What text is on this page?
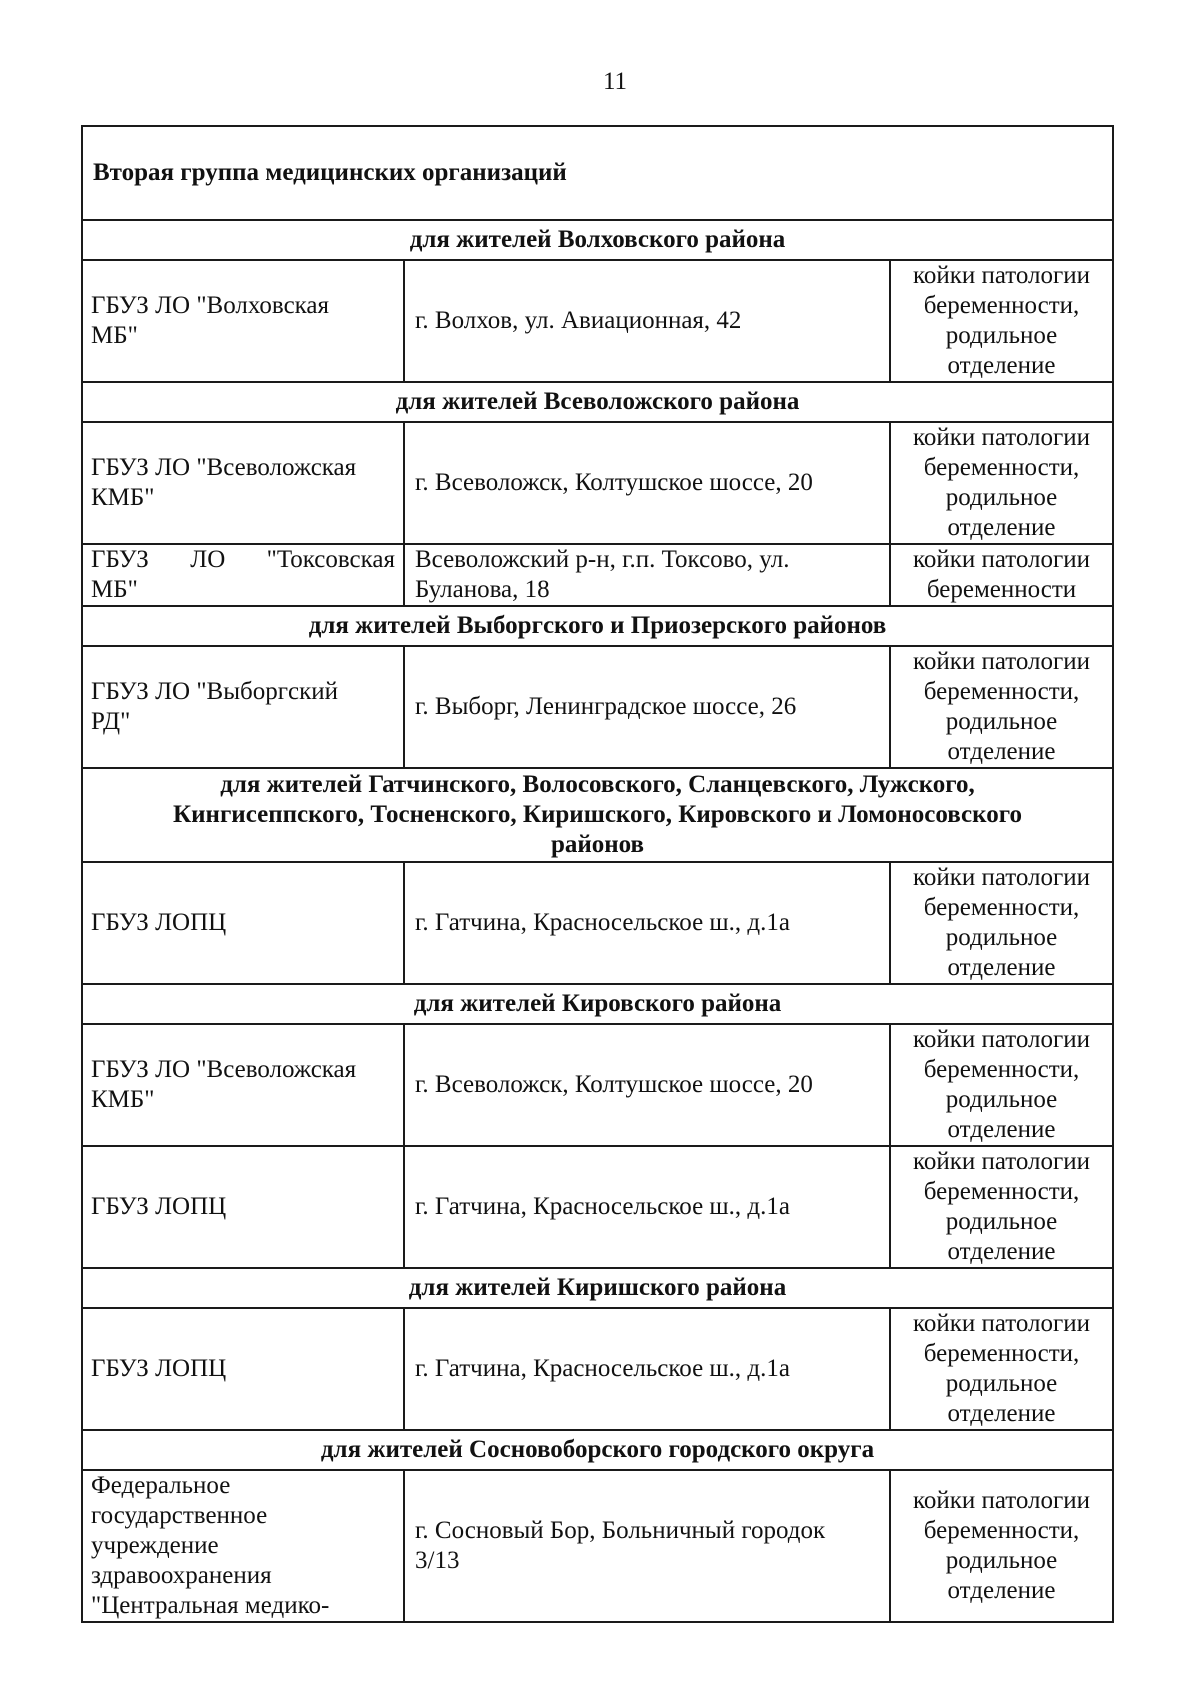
11
Вторая группа медицинских организаций		
для жителей Волховского района		

ГБУЗ ЛО "Волховская
МБ"	г. Волхов, ул. Авиационная, 42	койки патологии
беременности,
родильное
отделение

для жителей Всеволожского района		

ГБУЗ ЛО "Всеволожская
КМБ"	г. Всеволожск, Колтушское шоссе, 20	койки патологии
беременности,
родильное
отделение

ГБУЗ ЛО "Токсовская
МБ"	Всеволожский р-н, г.п. Токсово, ул.
Буланова, 18	койки патологии
беременности

для жителей Выборгского и Приозерского районов		

ГБУЗ ЛО "Выборгский
РД"	г. Выборг, Ленинградское шоссе, 26	койки патологии
беременности,
родильное
отделение

для жителей Гатчинского, Волосовского, Сланцевского, Лужского,
Кингисеппского, Тосненского, Киришского, Кировского и Ломоносовского
районов		

ГБУЗ ЛОПЦ	г. Гатчина, Красносельское ш., д.1а	койки патологии
беременности,
родильное
отделение

для жителей Кировского района		

ГБУЗ ЛО "Всеволожская
КМБ"	г. Всеволожск, Колтушское шоссе, 20	койки патологии
беременности,
родильное
отделение

ГБУЗ ЛОПЦ	г. Гатчина, Красносельское ш., д.1а	койки патологии
беременности,
родильное
отделение

для жителей Киришского района		

ГБУЗ ЛОПЦ	г. Гатчина, Красносельское ш., д.1а	койки патологии
беременности,
родильное
отделение

для жителей Сосновоборского городского округа		

Федеральное
государственное
учреждение
здравоохранения
"Центральная медико-	г. Сосновый Бор, Больничный городок
3/13	койки патологии
беременности,
родильное
отделение
